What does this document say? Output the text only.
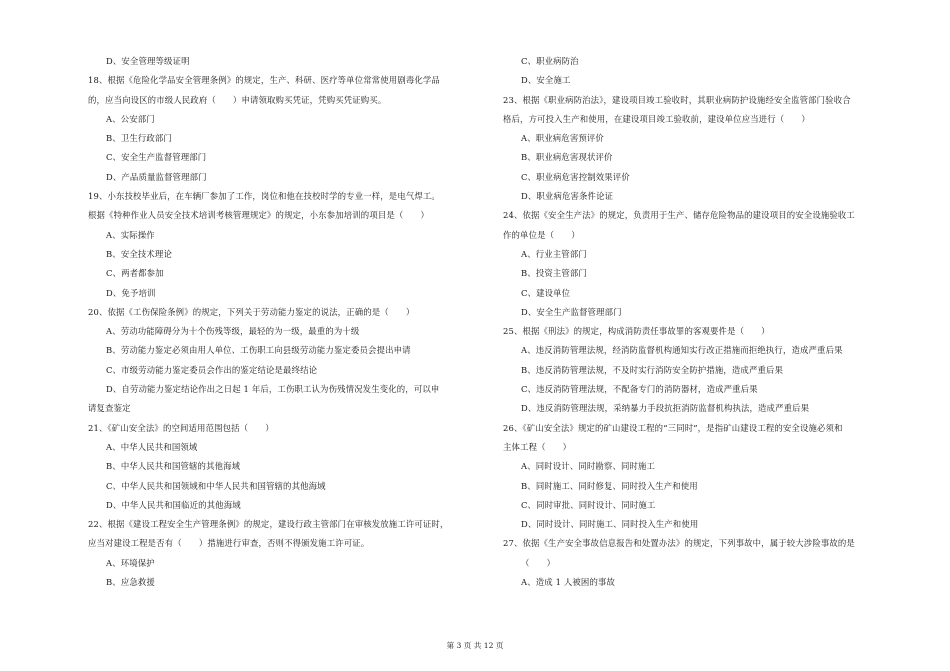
D、安全管理等级证明
18、根据《危险化学品安全管理条例》的规定，生产、科研、医疗等单位常常使用剧毒化学品
的，应当向设区的市级人民政府（　　）申请领取购买凭证，凭购买凭证购买。
A、公安部门
B、卫生行政部门
C、安全生产监督管理部门
D、产品质量监督管理部门
19、小东技校毕业后，在车辆厂参加了工作，岗位和他在技校时学的专业一样，是电气焊工。
根据《特种作业人员安全技术培训考核管理规定》的规定，小东参加培训的项目是（　　）
A、实际操作
B、安全技术理论
C、两者都参加
D、免予培训
20、依据《工伤保险条例》的规定，下列关于劳动能力鉴定的说法，正确的是（　　）
A、劳动功能障碍分为十个伤残等级，最轻的为一级，最重的为十级
B、劳动能力鉴定必须由用人单位、工伤职工向县级劳动能力鉴定委员会提出申请
C、市级劳动能力鉴定委员会作出的鉴定结论是最终结论
D、自劳动能力鉴定结论作出之日起 1 年后，工伤职工认为伤残情况发生变化的，可以申
请复查鉴定
21、《矿山安全法》的空间适用范围包括（　　）
A、中华人民共和国领域
B、中华人民共和国管辖的其他海域
C、中华人民共和国领域和中华人民共和国管辖的其他海域
D、中华人民共和国临近的其他海域
22、根据《建设工程安全生产管理条例》的规定，建设行政主管部门在审核发放施工许可证时，
应当对建设工程是否有（　　）措施进行审查，否则不得颁发施工许可证。
A、环境保护
B、应急救援
C、职业病防治
D、安全施工
23、根据《职业病防治法》，建设项目竣工验收时，其职业病防护设施经安全监管部门验收合
格后，方可投入生产和使用，在建设项目竣工验收前，建设单位应当进行（　　）
A、职业病危害预评价
B、职业病危害现状评价
C、职业病危害控制效果评价
D、职业病危害条件论证
24、依据《安全生产法》的规定，负责用于生产、储存危险物品的建设项目的安全设施验收工
作的单位是（　　）
A、行业主管部门
B、投资主管部门
C、建设单位
D、安全生产监督管理部门
25、根据《刑法》的规定，构成消防责任事故罪的客观要件是（　　）
A、违反消防管理法规，经消防监督机构通知实行改正措施而拒绝执行，造成严重后果
B、违反消防管理法规，不及时实行消防安全防护措施，造成严重后果
C、违反消防管理法规，不配备专门的消防器材，造成严重后果
D、违反消防管理法规，采纳暴力手段抗拒消防监督机构执法，造成严重后果
26、《矿山安全法》规定的矿山建设工程的“三同时”，是指矿山建设工程的安全设施必须和
主体工程（　　）
A、同时设计、同时勘察、同时施工
B、同时施工、同时修复、同时投入生产和使用
C、同时审批、同时设计、同时施工
D、同时设计、同时施工、同时投入生产和使用
27、依据《生产安全事故信息报告和处置办法》的规定，下列事故中，属于较大涉险事故的是
（　　）
A、造成 1 人被困的事故
第 3 页 共 12 页
